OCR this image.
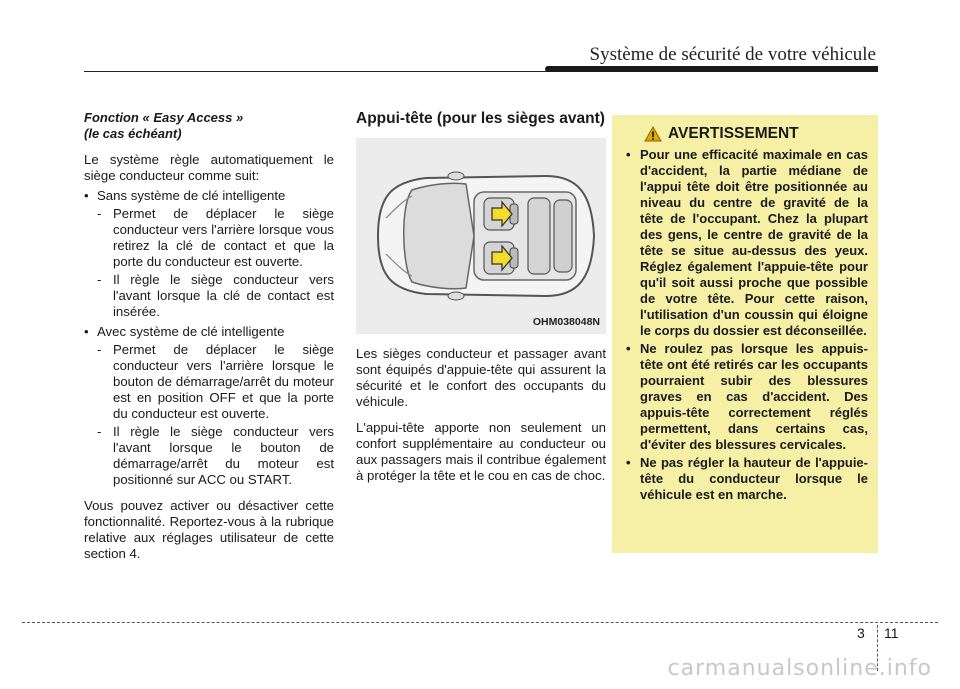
Système de sécurité de votre véhicule
Fonction « Easy Access »
(le cas échéant)

Le système règle automatiquement le siège conducteur comme suit:

• Sans système de clé intelligente
- Permet de déplacer le siège conducteur vers l'arrière lorsque vous retirez la clé de contact et que la porte du conducteur est ouverte.
- Il règle le siège conducteur vers l'avant lorsque la clé de contact est insérée.
• Avec système de clé intelligente
- Permet de déplacer le siège conducteur vers l'arrière lorsque le bouton de démarrage/arrêt du moteur est en position OFF et que la porte du conducteur est ouverte.
- Il règle le siège conducteur vers l'avant lorsque le bouton de démarrage/arrêt du moteur est positionné sur ACC ou START.

Vous pouvez activer ou désactiver cette fonctionnalité. Reportez-vous à la rubrique relative aux réglages utilisateur de cette section 4.

Appui-tête (pour les sièges avant)
OHM038048N

Les sièges conducteur et passager avant sont équipés d'appuie-tête qui assurent la sécurité et le confort des occupants du véhicule.

L'appui-tête apporte non seulement un confort supplémentaire au conducteur ou aux passagers mais il contribue également à protéger la tête et le cou en cas de choc.

AVERTISSEMENT
• Pour une efficacité maximale en cas d'accident, la partie médiane de l'appui tête doit être positionnée au niveau du centre de gravité de la tête de l'occupant. Chez la plupart des gens, le centre de gravité de la tête se situe au-dessus des yeux. Réglez également l'appuie-tête pour qu'il soit aussi proche que possible de votre tête. Pour cette raison, l'utilisation d'un coussin qui éloigne le corps du dossier est déconseillée.
• Ne roulez pas lorsque les appuis-tête ont été retirés car les occupants pourraient subir des blessures graves en cas d'accident. Des appuis-tête correctement réglés permettent, dans certains cas, d'éviter des blessures cervicales.
• Ne pas régler la hauteur de l'appuie-tête du conducteur lorsque le véhicule est en marche.
3 11
carmanualsonline.info
